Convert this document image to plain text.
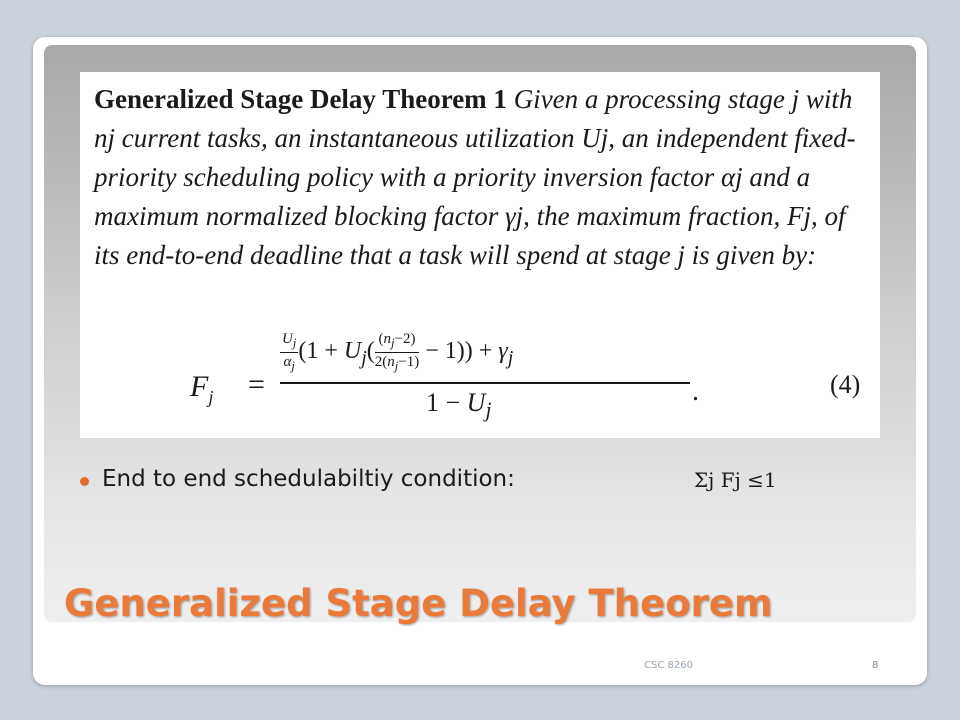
Generalized Stage Delay Theorem 1 Given a processing stage j with nj current tasks, an instantaneous utilization Uj, an independent fixed-priority scheduling policy with a priority inversion factor αj and a maximum normalized blocking factor γj, the maximum fraction, Fj, of its end-to-end deadline that a task will spend at stage j is given by:
$F_j$ =
$\frac{U_j}{\alpha_j} (1 + U_j( \frac{(n_j-2)}{2(n_j-1)} - 1)) + \gamma_j$
$1 - U_j$
.	(4)
End to end schedulabiltiy condition:	Σj Fj ≤1
Generalized Stage Delay Theorem
CSC 8260	8
